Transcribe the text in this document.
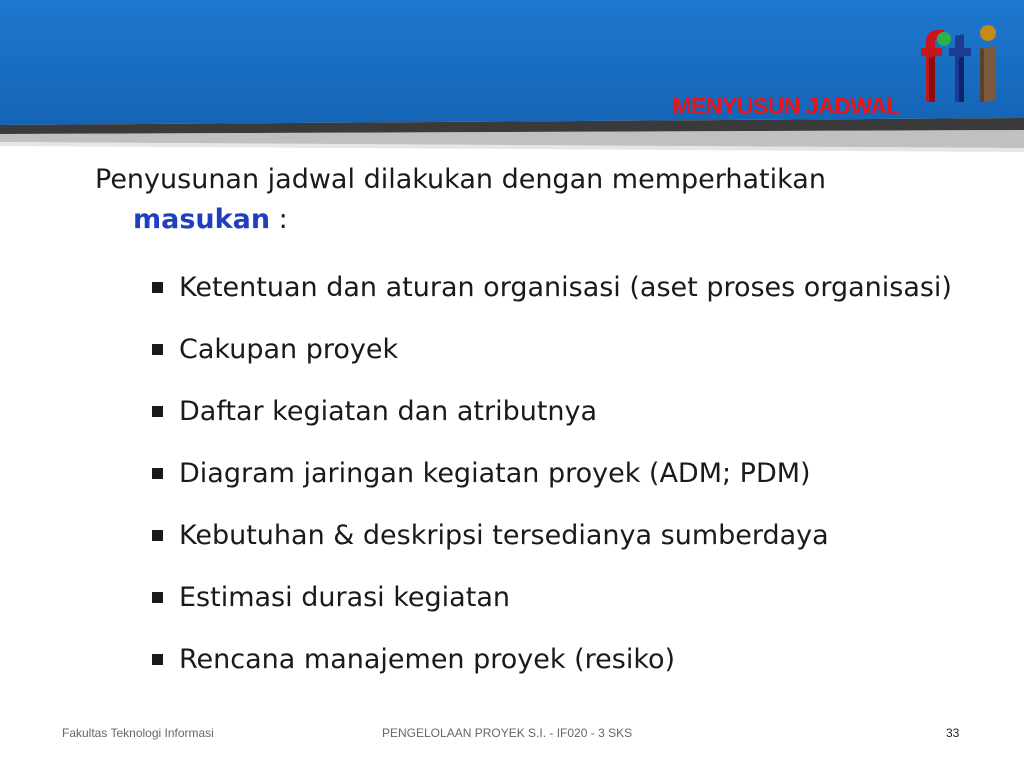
MENYUSUN JADWAL
Penyusunan jadwal dilakukan dengan memperhatikan
masukan :
Ketentuan dan aturan organisasi (aset proses organisasi)
Cakupan proyek
Daftar kegiatan dan atributnya
Diagram jaringan kegiatan proyek (ADM; PDM)
Kebutuhan & deskripsi tersedianya sumberdaya
Estimasi durasi kegiatan
Rencana manajemen proyek (resiko)
Fakultas Teknologi Informasi	PENGELOLAAN PROYEK S.I. - IF020 - 3 SKS	33
